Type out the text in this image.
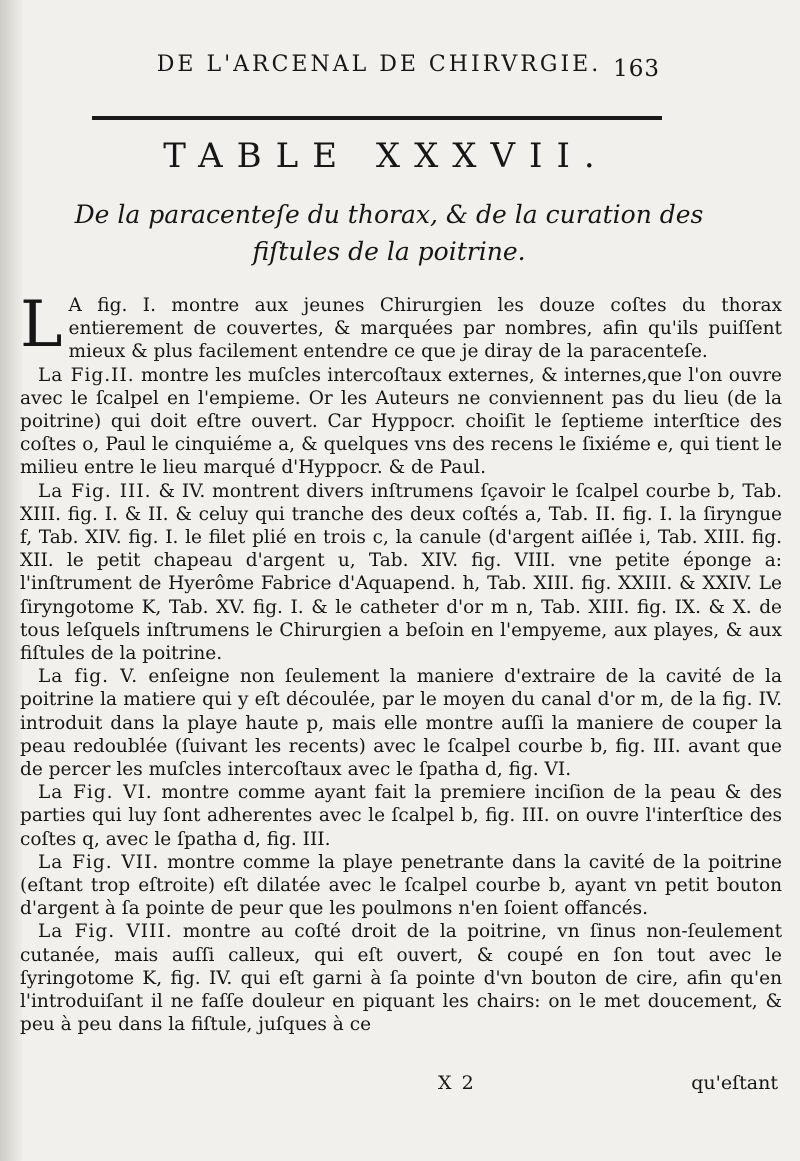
DE L'ARCENAL DE CHIRVRGIE. 163
TABLE XXXVII.
De la paracenteſe du thorax, & de la curation des fiſtules de la poitrine.

L A fig. I. montre aux jeunes Chirurgien les douze coſtes du thorax entierement de couvertes, & marquées par nombres, afin qu'ils puiſſent mieux & plus facilement entendre ce que je diray de la paracenteſe.

La Fig.II. montre les muſcles intercoſtaux externes, & internes,que l'on ouvre avec le ſcalpel en l'empieme. Or les Auteurs ne conviennent pas du lieu (de la poitrine) qui doit eſtre ouvert. Car Hyppocr. choiſit le ſeptieme interſtice des coſtes o, Paul le cinquiéme a, & quelques vns des recens le ſixiéme e, qui tient le milieu entre le lieu marqué d'Hyppocr. & de Paul.

La Fig. III. & IV. montrent divers inſtrumens ſçavoir le ſcalpel courbe b, Tab. XIII. fig. I. & II. & celuy qui tranche des deux coſtés a, Tab. II. fig. I. la ſiryngue f, Tab. XIV. fig. I. le filet plié en trois c, la canule (d'argent aiſlée i, Tab. XIII. fig. XII. le petit chapeau d'argent u, Tab. XIV. fig. VIII. vne petite éponge a: l'inſtrument de Hyerôme Fabrice d'Aquapend. h, Tab. XIII. fig. XXIII. & XXIV. Le ſiryngotome K, Tab. XV. fig. I. & le catheter d'or m n, Tab. XIII. fig. IX. & X. de tous leſquels inſtrumens le Chirurgien a beſoin en l'empyeme, aux playes, & aux fiſtules de la poitrine.

La fig. V. enſeigne non ſeulement la maniere d'extraire de la cavité de la poitrine la matiere qui y eſt découlée, par le moyen du canal d'or m, de la fig. IV. introduit dans la playe haute p, mais elle montre auſſi la maniere de couper la peau redoublée (ſuivant les recents) avec le ſcalpel courbe b, fig. III. avant que de percer les muſcles intercoſtaux avec le ſpatha d, fig. VI.

La Fig. VI. montre comme ayant fait la premiere inciſion de la peau & des parties qui luy ſont adherentes avec le ſcalpel b, fig. III. on ouvre l'interſtice des coſtes q, avec le ſpatha d, fig. III.

La Fig. VII. montre comme la playe penetrante dans la cavité de la poitrine (eſtant trop eſtroite) eſt dilatée avec le ſcalpel courbe b, ayant vn petit bouton d'argent à ſa pointe de peur que les poulmons n'en ſoient offancés.

La Fig. VIII. montre au coſté droit de la poitrine, vn ſinus non-ſeulement cutanée, mais auſſi calleux, qui eſt ouvert, & coupé en ſon tout avec le ſyringotome K, fig. IV. qui eſt garni à ſa pointe d'vn bouton de cire, afin qu'en l'introduiſant il ne faſſe douleur en piquant les chairs: on le met doucement, & peu à peu dans la fiſtule, juſques à ce

X 2	qu'eſtant
